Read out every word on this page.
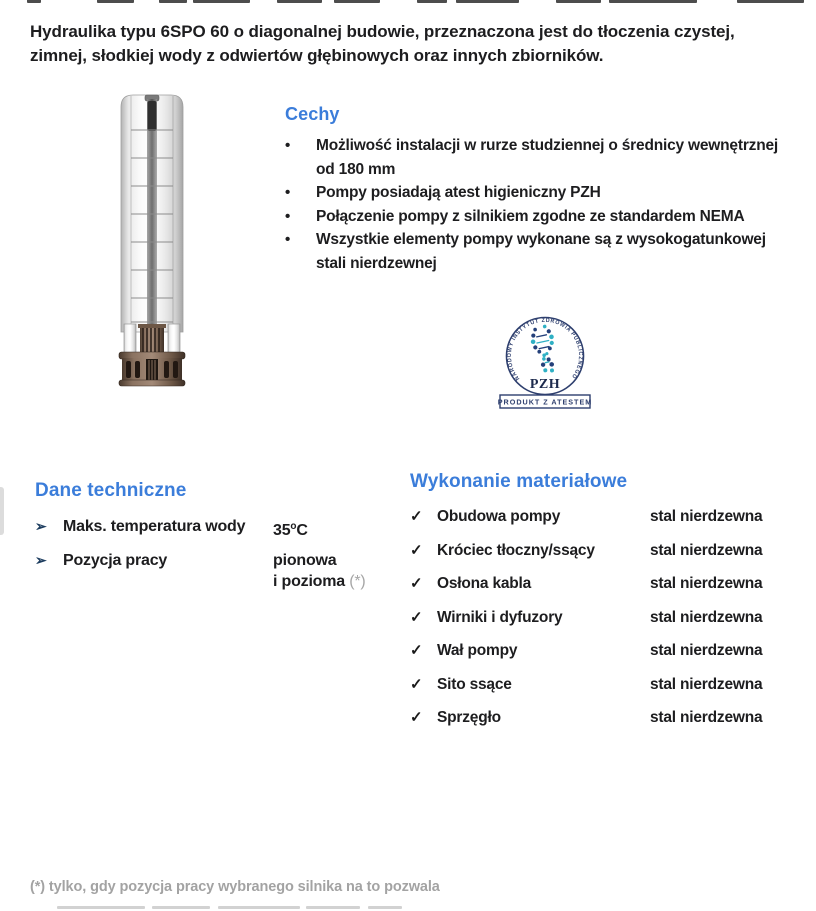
Hydraulika typu 6SPO 60 o diagonalnej budowie, przeznaczona jest do tłoczenia czystej,
zimnej, słodkiej wody z odwiertów głębinowych oraz innych zbiorników.
Cechy
•	Możliwość instalacji w rurze studziennej o średnicy wewnętrznej
od 180 mm
•	Pompy posiadają atest higieniczny PZH
•	Połączenie pompy z silnikiem zgodne ze standardem NEMA
•	Wszystkie elementy pompy wykonane są z wysokogatunkowej
stali nierdzewnej
NARODOWY INSTYTUT ZDROWIA PUBLICZNEGO
PZH
PRODUKT Z ATESTEM
Dane techniczne
➢	Maks. temperatura wody	35$^o$C
➢	Pozycja pracy	pionowa
i pozioma (*)
Wykonanie materiałowe
✓ Obudowa pompy	stal nierdzewna
✓ Króciec tłoczny/ssący	stal nierdzewna
✓ Osłona kabla	stal nierdzewna
✓ Wirniki i dyfuzory	stal nierdzewna
✓ Wał pompy	stal nierdzewna
✓ Sito ssące	stal nierdzewna
✓ Sprzęgło	stal nierdzewna
(*) tylko, gdy pozycja pracy wybranego silnika na to pozwala
